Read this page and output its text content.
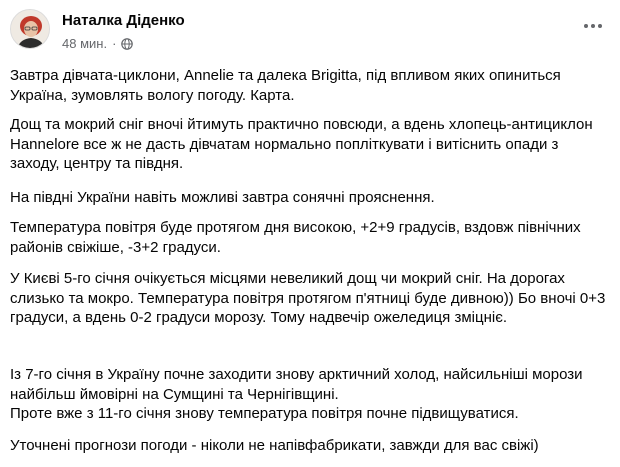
Наталка Діденко
48 мин. ·

Завтра дівчата-циклони, Annelie та далека Brigitta, під впливом яких опиниться Україна, зумовлять вологу погоду. Карта.

Дощ та мокрий сніг вночі йтимуть практично повсюди, а вдень хлопець-антициклон Hannelore все ж не дасть дівчатам нормально попліткувати і витіснить опади з заходу, центру та півдня.

На півдні України навіть можливі завтра сонячні прояснення.

Температура повітря буде протягом дня високою, +2+9 градусів, вздовж північних районів свіжіше, -3+2 градуси.

У Києві 5-го січня очікується місцями невеликий дощ чи мокрий сніг. На дорогах слизько та мокро. Температура повітря протягом п'ятниці буде дивною)) Бо вночі 0+3 градуси, а вдень 0-2 градуси морозу. Тому надвечір ожеледиця зміцніє.

Із 7-го січня в Україну почне заходити знову арктичний холод, найсильніші морози найбільш ймовірні на Сумщині та Чернігівщині.
Проте вже з 11-го січня знову температура повітря почне підвищуватися.

Уточнені прогнози погоди - ніколи не напівфабрикати, завжди для вас свіжі)
